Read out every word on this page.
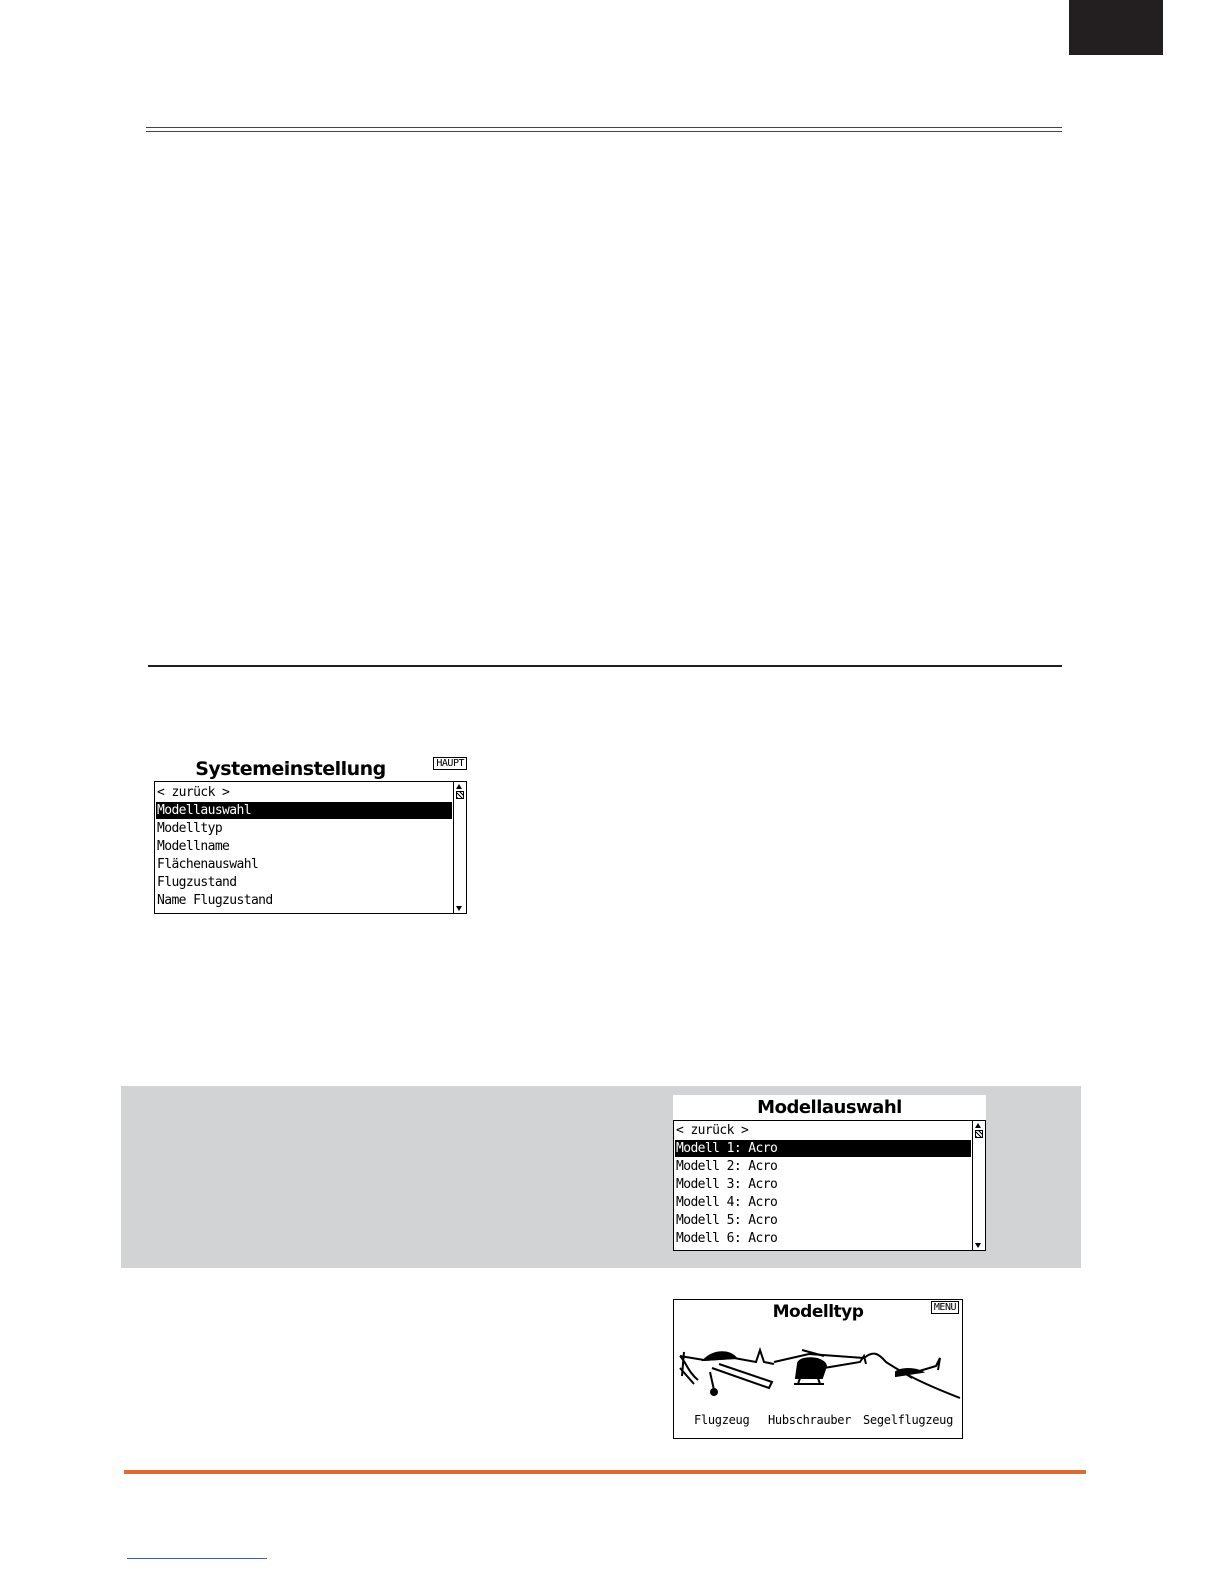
Systemeinstellung	HAUPT
< zurück >
Modellauswahl
Modelltyp
Modellname
Flächenauswahl
Flugzustand
Name Flugzustand
Modellauswahl
< zurück >
Modell 1: Acro
Modell 2: Acro
Modell 3: Acro
Modell 4: Acro
Modell 5: Acro
Modell 6: Acro
Modelltyp	MENU
Flugzeug Hubschrauber Segelflugzeug
